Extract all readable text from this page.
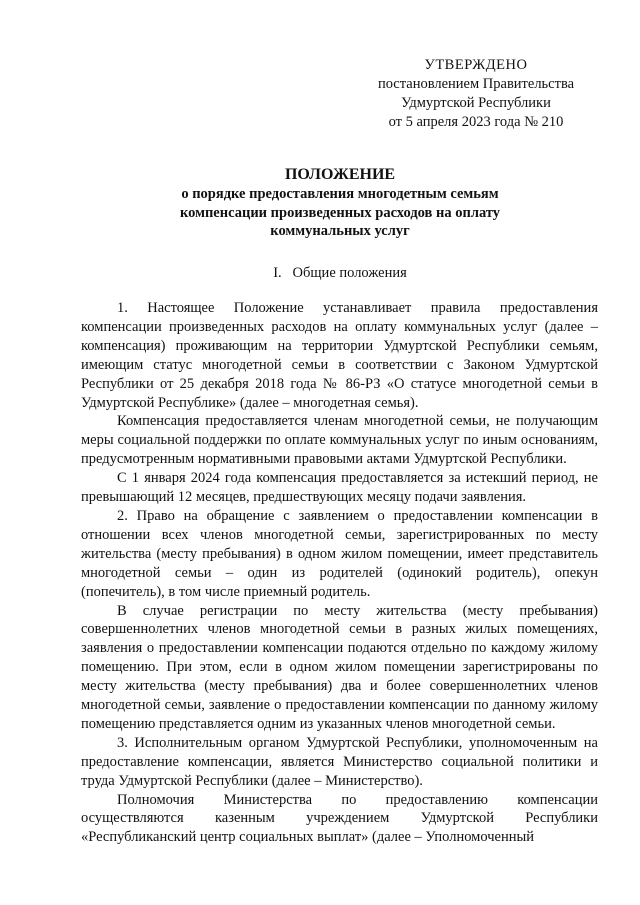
УТВЕРЖДЕНО
постановлением Правительства
Удмуртской Республики
от 5 апреля 2023 года № 210
ПОЛОЖЕНИЕ
о порядке предоставления многодетным семьям
компенсации произведенных расходов на оплату
коммунальных услуг
I.   Общие положения

1. Настоящее Положение устанавливает правила предоставления компенсации произведенных расходов на оплату коммунальных услуг (далее – компенсация) проживающим на территории Удмуртской Республики семьям, имеющим статус многодетной семьи в соответствии с Законом Удмуртской Республики от 25 декабря 2018 года № 86-РЗ «О статусе многодетной семьи в Удмуртской Республике» (далее – многодетная семья).

Компенсация предоставляется членам многодетной семьи, не получающим меры социальной поддержки по оплате коммунальных услуг по иным основаниям, предусмотренным нормативными правовыми актами Удмуртской Республики.

С 1 января 2024 года компенсация предоставляется за истекший период, не превышающий 12 месяцев, предшествующих месяцу подачи заявления.

2. Право на обращение с заявлением о предоставлении компенсации в отношении всех членов многодетной семьи, зарегистрированных по месту жительства (месту пребывания) в одном жилом помещении, имеет представитель многодетной семьи – один из родителей (одинокий родитель), опекун (попечитель), в том числе приемный родитель.

В случае регистрации по месту жительства (месту пребывания) совершеннолетних членов многодетной семьи в разных жилых помещениях, заявления о предоставлении компенсации подаются отдельно по каждому жилому помещению. При этом, если в одном жилом помещении зарегистрированы по месту жительства (месту пребывания) два и более совершеннолетних членов многодетной семьи, заявление о предоставлении компенсации по данному жилому помещению представляется одним из указанных членов многодетной семьи.

3. Исполнительным органом Удмуртской Республики, уполномоченным на предоставление компенсации, является Министерство социальной политики и труда Удмуртской Республики (далее – Министерство).

Полномочия Министерства по предоставлению компенсации осуществляются казенным учреждением Удмуртской Республики «Республиканский центр социальных выплат» (далее – Уполномоченный
